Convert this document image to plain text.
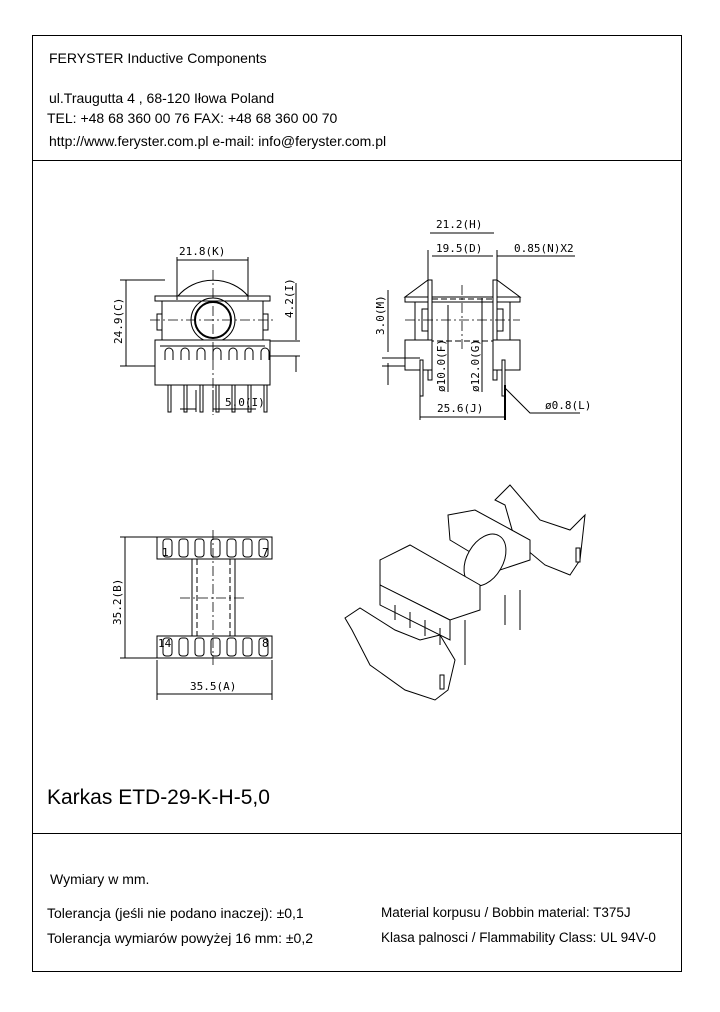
FERYSTER Inductive Components
ul.Traugutta 4 , 68-120 Iłowa Poland
TEL: +48 68 360 00 76 FAX: +48 68 360 00 70
http://www.feryster.com.pl e-mail: info@feryster.com.pl
21.8(K)
24.9(C)	4.2(I)
5.0(I)
21.2(H)
19.5(D)	0.85(N)X2
3.0(M)
ø10.0(F) ø12.0(G)
25.6(J)	ø0.8(L)
1	7
14	8
35.2(B)
35.5(A)
Karkas ETD-29-K-H-5,0
Wymiary w mm.
Tolerancja (jeśli nie podano inaczej): ±0,1
Tolerancja wymiarów powyżej 16 mm: ±0,2
Material korpusu / Bobbin material: T375J
Klasa palnosci / Flammability Class: UL 94V-0
